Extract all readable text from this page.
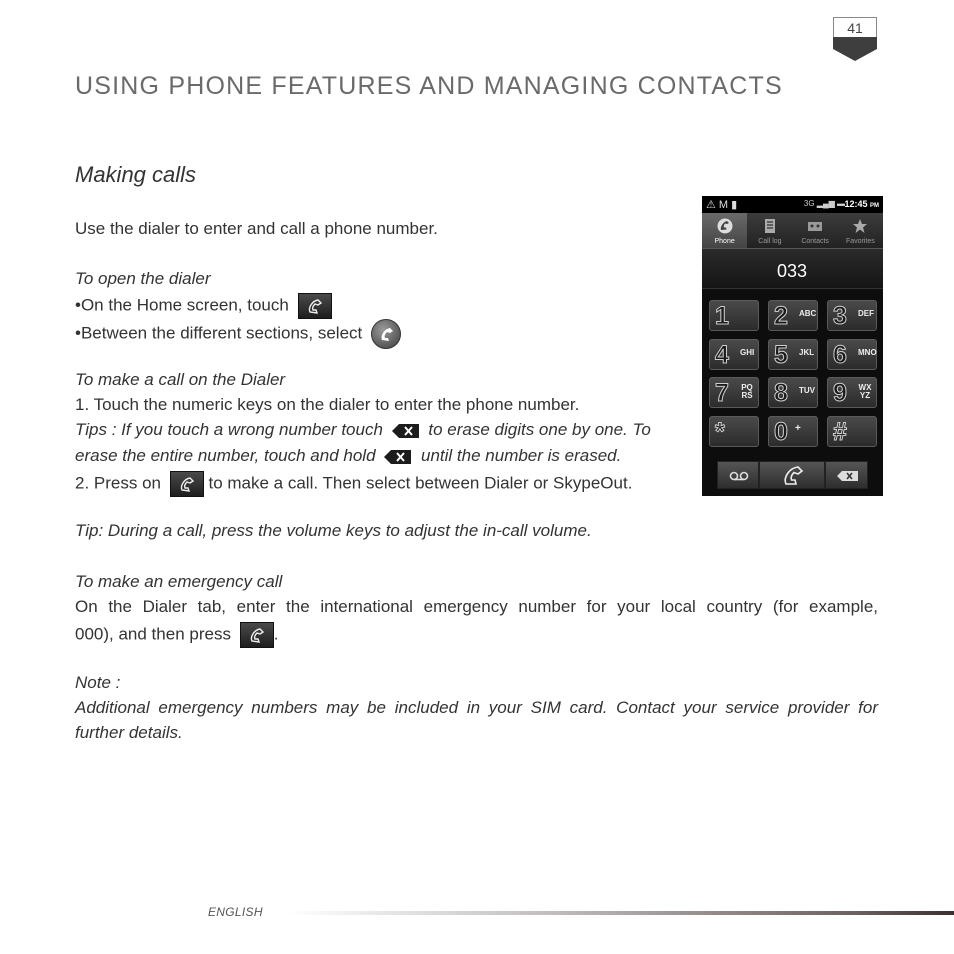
41
USING PHONE FEATURES AND MANAGING CONTACTS
Making calls
Use the dialer to enter and call a phone number.
To open the dialer
•On the Home screen, touch
•Between the different sections, select
To make a call on the Dialer
1. Touch the numeric keys on the dialer to enter the phone number.
Tips : If you touch a wrong number touch	to erase digits one by one. To
erase the entire number, touch and hold	until the number is erased.
2. Press on	to make a call. Then select between Dialer or SkypeOut.
Tip: During a call, press the volume keys to adjust the in-call volume.
To make an emergency call
On the Dialer tab, enter the international emergency number for your local country (for example,
000), and then press	.
Note :
Additional emergency numbers may be included in your SIM card. Contact your service provider for
further details.
⚠ M ▮	3G ▂▄▆ ▬ 12:45 PM
Phone	Call log	Contacts	Favorites
033
1 2 ABC 3 DEF
4 GHI 5 JKL 6 MNO
7 PQ RS 8 TUV 9 WX YZ
* 0 + #
ENGLISH
